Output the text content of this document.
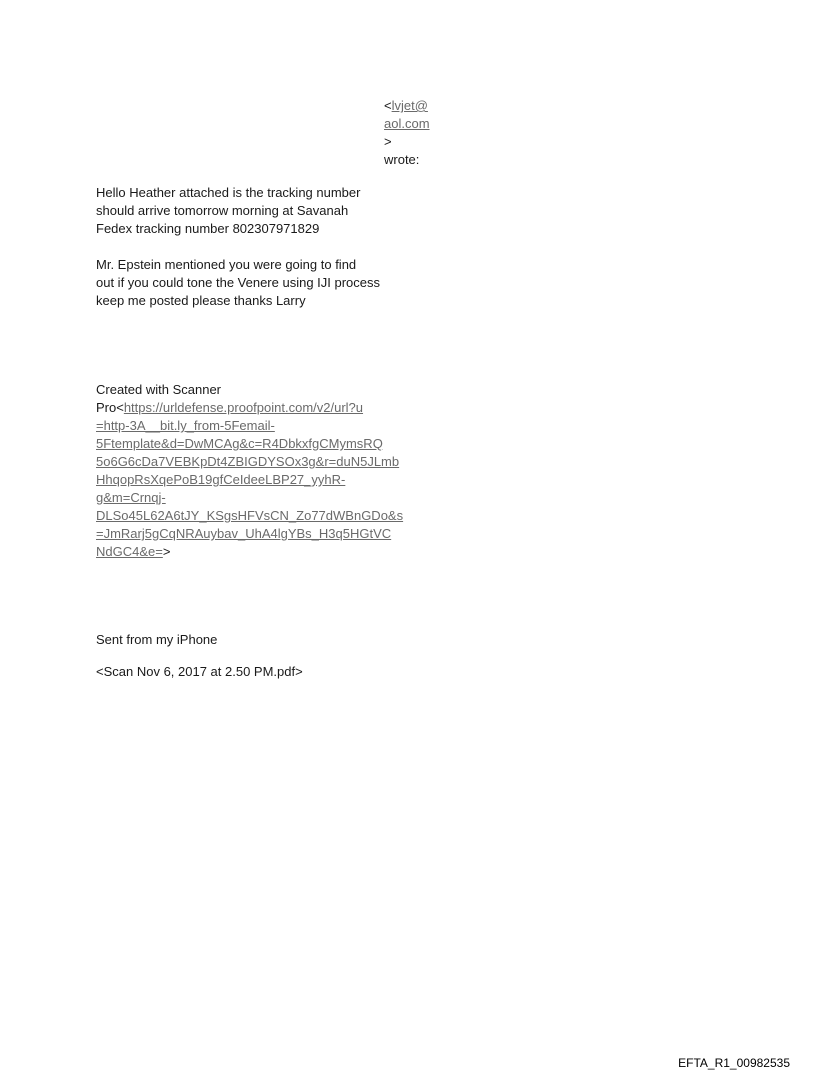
<lvjet@
aol.com
>
wrote:
Hello Heather attached is the tracking number
should arrive tomorrow morning at Savanah
Fedex tracking number 802307971829
Mr. Epstein mentioned you were going to find
out if you could tone the Venere using IJI process
keep me posted please thanks Larry
Created with Scanner
Pro<https://urldefense.proofpoint.com/v2/url?u
=http-3A__bit.ly_from-5Femail-
5Ftemplate&d=DwMCAg&c=R4DbkxfgCMymsRQ
5o6G6cDa7VEBKpDt4ZBIGDYSOx3g&r=duN5JLmb
HhqopRsXqePoB19gfCeIdeeLBP27_yyhR-
g&m=Crnqj-
DLSo45L62A6tJY_KSgsHFVsCN_Zo77dWBnGDo&s
=JmRarj5gCqNRAuybav_UhA4lgYBs_H3q5HGtVC
NdGC4&e=>
Sent from my iPhone
<Scan Nov 6, 2017 at 2.50 PM.pdf>
EFTA_R1_00982535
